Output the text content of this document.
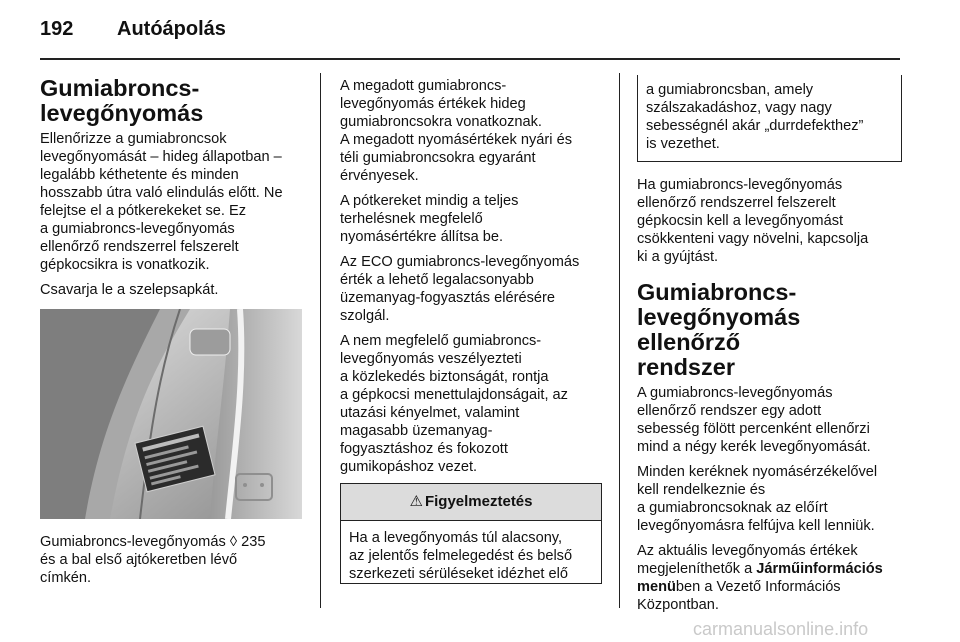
192 Autóápolás
Gumiabroncs-
levegőnyomás

Ellenőrizze a gumiabroncsok
levegőnyomását – hideg állapotban –
legalább kéthetente és minden
hosszabb útra való elindulás előtt. Ne
felejtse el a pótkerekeket se. Ez
a gumiabroncs-levegőnyomás
ellenőrző rendszerrel felszerelt
gépkocsikra is vonatkozik.

Csavarja le a szelepsapkát.

Gumiabroncs-levegőnyomás ◊ 235
és a bal első ajtókeretben lévő
címkén.

A megadott gumiabroncs-
levegőnyomás értékek hideg
gumiabroncsokra vonatkoznak.
A megadott nyomásértékek nyári és
téli gumiabroncsokra egyaránt
érvényesek.

A pótkereket mindig a teljes
terhelésnek megfelelő
nyomásértékre állítsa be.

Az ECO gumiabroncs-levegőnyomás
érték a lehető legalacsonyabb
üzemanyag-fogyasztás elérésére
szolgál.

A nem megfelelő gumiabroncs-
levegőnyomás veszélyezteti
a közlekedés biztonságát, rontja
a gépkocsi menettulajdonságait, az
utazási kényelmet, valamint
magasabb üzemanyag-
fogyasztáshoz és fokozott
gumikopáshoz vezet.

⚠ Figyelmeztetés
Ha a levegőnyomás túl alacsony,
az jelentős felmelegedést és belső
szerkezeti sérüléseket idézhet elő
a gumiabroncsban, amely
szálszakadáshoz, vagy nagy
sebességnél akár „durrdefekthez”
is vezethet.

Ha gumiabroncs-levegőnyomás
ellenőrző rendszerrel felszerelt
gépkocsin kell a levegőnyomást
csökkenteni vagy növelni, kapcsolja
ki a gyújtást.

Gumiabroncs-
levegőnyomás ellenőrző
rendszer

A gumiabroncs-levegőnyomás
ellenőrző rendszer egy adott
sebesség fölött percenként ellenőrzi
mind a négy kerék levegőnyomását.

Minden keréknek nyomásérzékelővel
kell rendelkeznie és
a gumiabroncsoknak az előírt
levegőnyomásra felfújva kell lenniük.

Az aktuális levegőnyomás értékek
megjeleníthetők a Járműinformációs
menüben a Vezető Információs
Központban.

carmanualsonline.info
